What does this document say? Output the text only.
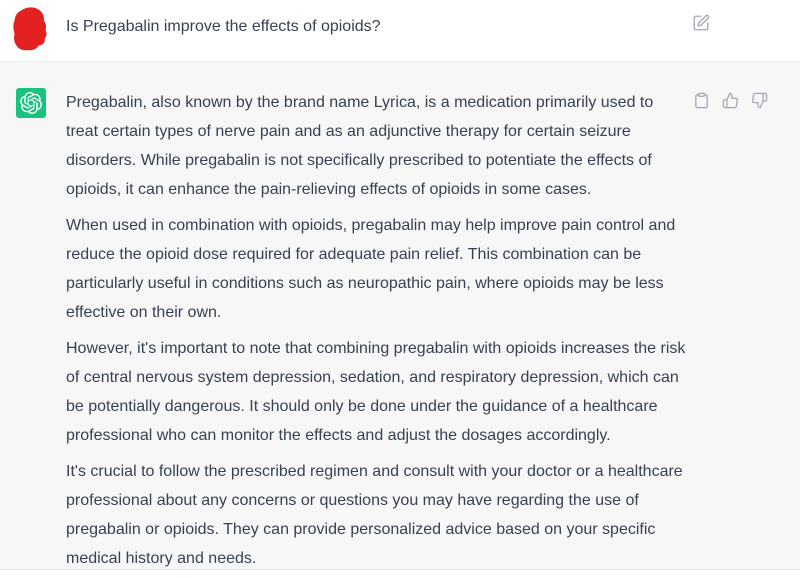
Is Pregabalin improve the effects of opioids?

Pregabalin, also known by the brand name Lyrica, is a medication primarily used to treat certain types of nerve pain and as an adjunctive therapy for certain seizure disorders. While pregabalin is not specifically prescribed to potentiate the effects of opioids, it can enhance the pain-relieving effects of opioids in some cases.

When used in combination with opioids, pregabalin may help improve pain control and reduce the opioid dose required for adequate pain relief. This combination can be particularly useful in conditions such as neuropathic pain, where opioids may be less effective on their own.

However, it's important to note that combining pregabalin with opioids increases the risk of central nervous system depression, sedation, and respiratory depression, which can be potentially dangerous. It should only be done under the guidance of a healthcare professional who can monitor the effects and adjust the dosages accordingly.

It's crucial to follow the prescribed regimen and consult with your doctor or a healthcare professional about any concerns or questions you may have regarding the use of pregabalin or opioids. They can provide personalized advice based on your specific medical history and needs.
